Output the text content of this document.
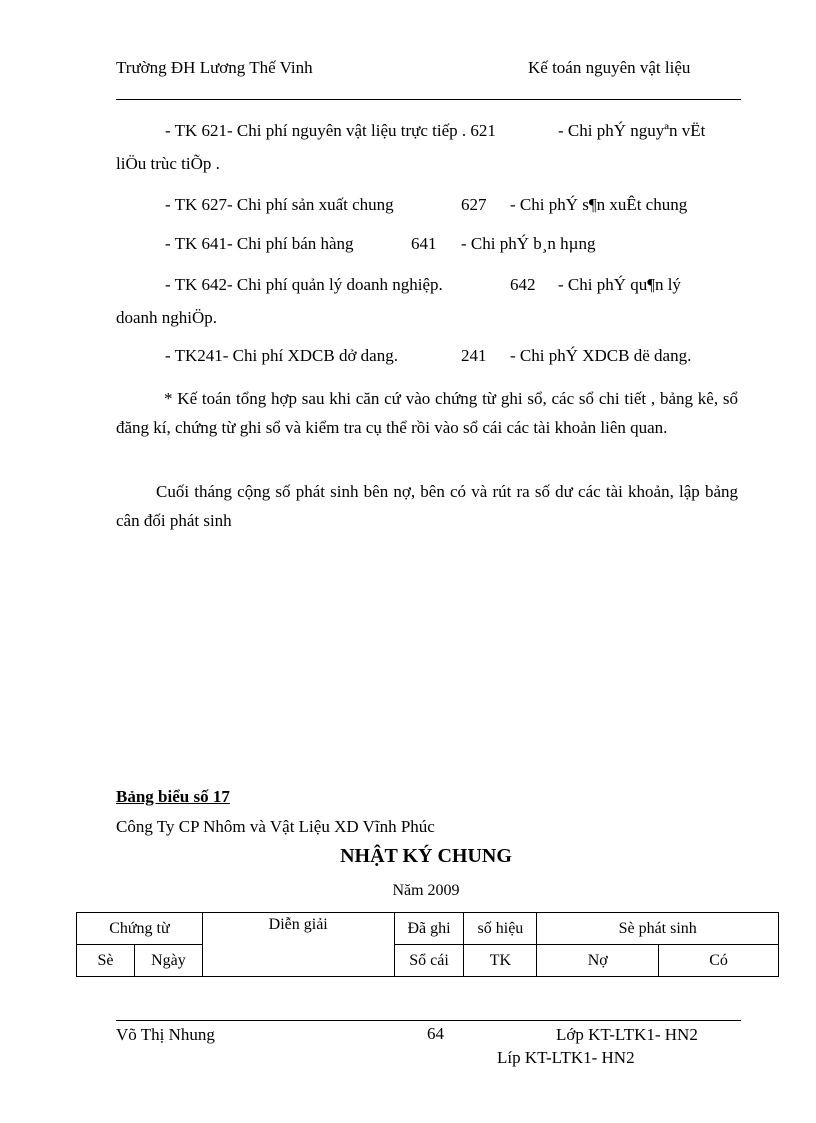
Trường ĐH Lương Thế Vinh	Kế toán nguyên vật liệu
- TK 621- Chi phí nguyên vật liệu trực tiếp . 621	- Chi phÝ nguyªn vËt
liÖu trùc tiÕp .
- TK 627- Chi phí sản xuất chung	627 - Chi phÝ s¶n xuÊt chung
- TK 641- Chi phí bán hàng	641 - Chi phÝ b¸n hµng
- TK 642- Chi phí quản lý doanh nghiệp.	642 - Chi phÝ qu¶n lý
doanh nghiÖp.
- TK241- Chi phí XDCB dở dang.	241 - Chi phÝ XDCB dë dang.

* Kế toán tổng hợp sau khi căn cứ vào chứng từ ghi sổ, các sổ chi tiết , bảng kê, sổ đăng kí, chứng từ ghi sổ và kiểm tra cụ thể rồi vào sổ cái các tài khoản liên quan.

Cuối tháng cộng số phát sinh bên nợ, bên có và rút ra số dư các tài khoản, lập bảng cân đối phát sinh

Bảng biểu số 17
Công Ty CP Nhôm và Vật Liệu XD Vĩnh Phúc
NHẬT KÝ CHUNG
Năm 2009
Chứng từ		Diễn giải	Đã ghi	số hiệu	Sè phát sinh	
Sè	Ngày		Sổ cái	TK	Nợ	Có
Võ Thị Nhung	64	Lớp KT-LTK1- HN2
Líp KT-LTK1- HN2
